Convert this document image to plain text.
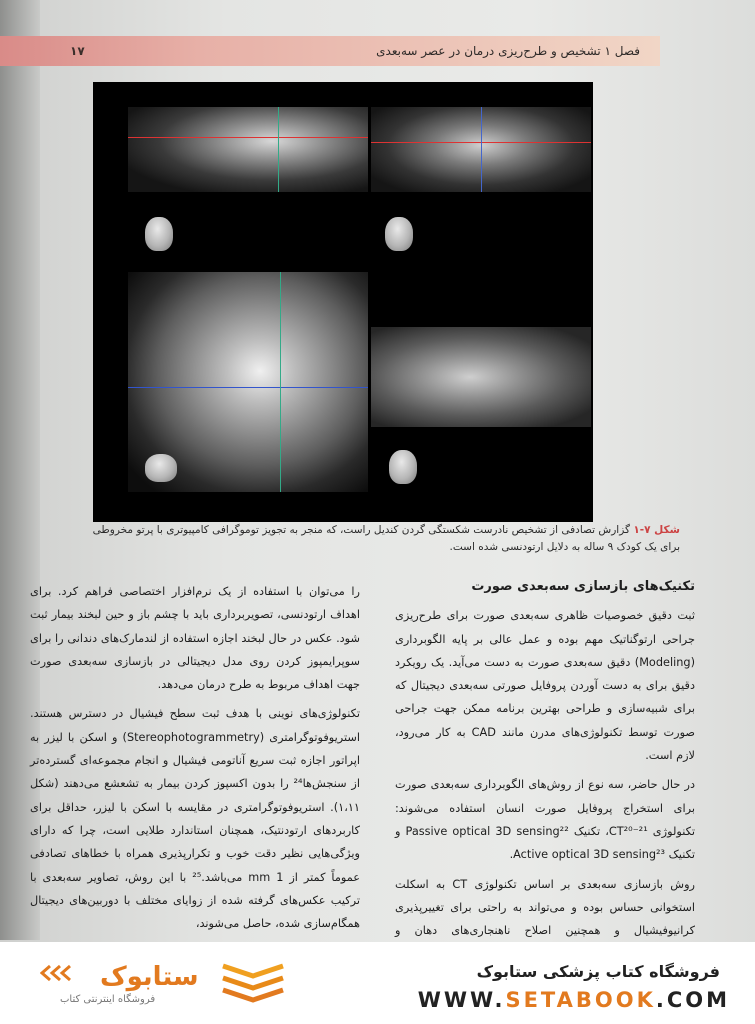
۱۷	فصل ۱ تشخیص و طرح‌ریزی درمان در عصر سه‌بعدی
شکل ۷-۱ گزارش تصادفی از تشخیص نادرست شکستگی گردن کندیل راست، که منجر به تجویز توموگرافی کامپیوتری با پرتو مخروطی برای یک کودک ۹ ساله به دلایل ارتودنسی شده است.
تکنیک‌های بازسازی سه‌بعدی صورت
ثبت دقیق خصوصیات ظاهری سه‌بعدی صورت برای طرح‌ریزی جراحی ارتوگناتیک مهم بوده و عمل عالی بر پایه الگوبرداری (Modeling) دقیق سه‌بعدی صورت به دست می‌آید. یک رویکرد دقیق برای به دست آوردن پروفایل صورتی سه‌بعدی دیجیتال که برای شبیه‌سازی و طراحی بهترین برنامه ممکن جهت جراحی صورت توسط تکنولوژی‌های مدرن مانند CAD به کار می‌رود، لازم است.
در حال حاضر، سه نوع از روش‌های الگوبرداری سه‌بعدی صورت برای استخراج پروفایل صورت انسان استفاده می‌شوند: تکنولوژی CT²⁰⁻²¹، تکنیک Passive optical 3D sensing²² و تکنیک Active optical 3D sensing²³.
روش بازسازی سه‌بعدی بر اساس تکنولوژی CT به اسکلت استخوانی حساس بوده و می‌تواند به راحتی برای تغییرپذیری کرانیوفیشیال و همچنین اصلاح ناهنجاری‌های دهان و
را می‌توان با استفاده از یک نرم‌افزار اختصاصی فراهم کرد. برای اهداف ارتودنسی، تصویربرداری باید با چشم باز و حین لبخند بیمار ثبت شود. عکس در حال لبخند اجازه استفاده از لندمارک‌های دندانی را برای سوپرایمپوز کردن روی مدل دیجیتالی در بازسازی سه‌بعدی صورت جهت اهداف مربوط به طرح درمان می‌دهد.
تکنولوژی‌های نوینی با هدف ثبت سطح فیشیال در دسترس هستند. استریوفوتوگرامتری (Stereophotogrammetry) و اسکن با لیزر به اپراتور اجازه ثبت سریع آناتومی فیشیال و انجام مجموعه‌ای گسترده‌تر از سنجش‌ها²⁴ را بدون اکسپوز کردن بیمار به تشعشع می‌دهند (شکل ۱،۱۱). استریوفوتوگرامتری در مقایسه با اسکن با لیزر، حداقل برای کاربردهای ارتودنتیک، همچنان استاندارد طلایی است، چرا که دارای ویژگی‌هایی نظیر دقت خوب و تکرارپذیری همراه با خطاهای تصادفی عموماً کمتر از 1 mm می‌باشد.²⁵ با این روش، تصاویر سه‌بعدی با ترکیب عکس‌های گرفته شده از زوایای مختلف با دوربین‌های دیجیتال همگام‌سازی شده، حاصل می‌شوند،
ستابوک
فروشگاه اینترنتی کتاب
فروشگاه کتاب پزشکی ستابوک
WWW.SETABOOK.COM
